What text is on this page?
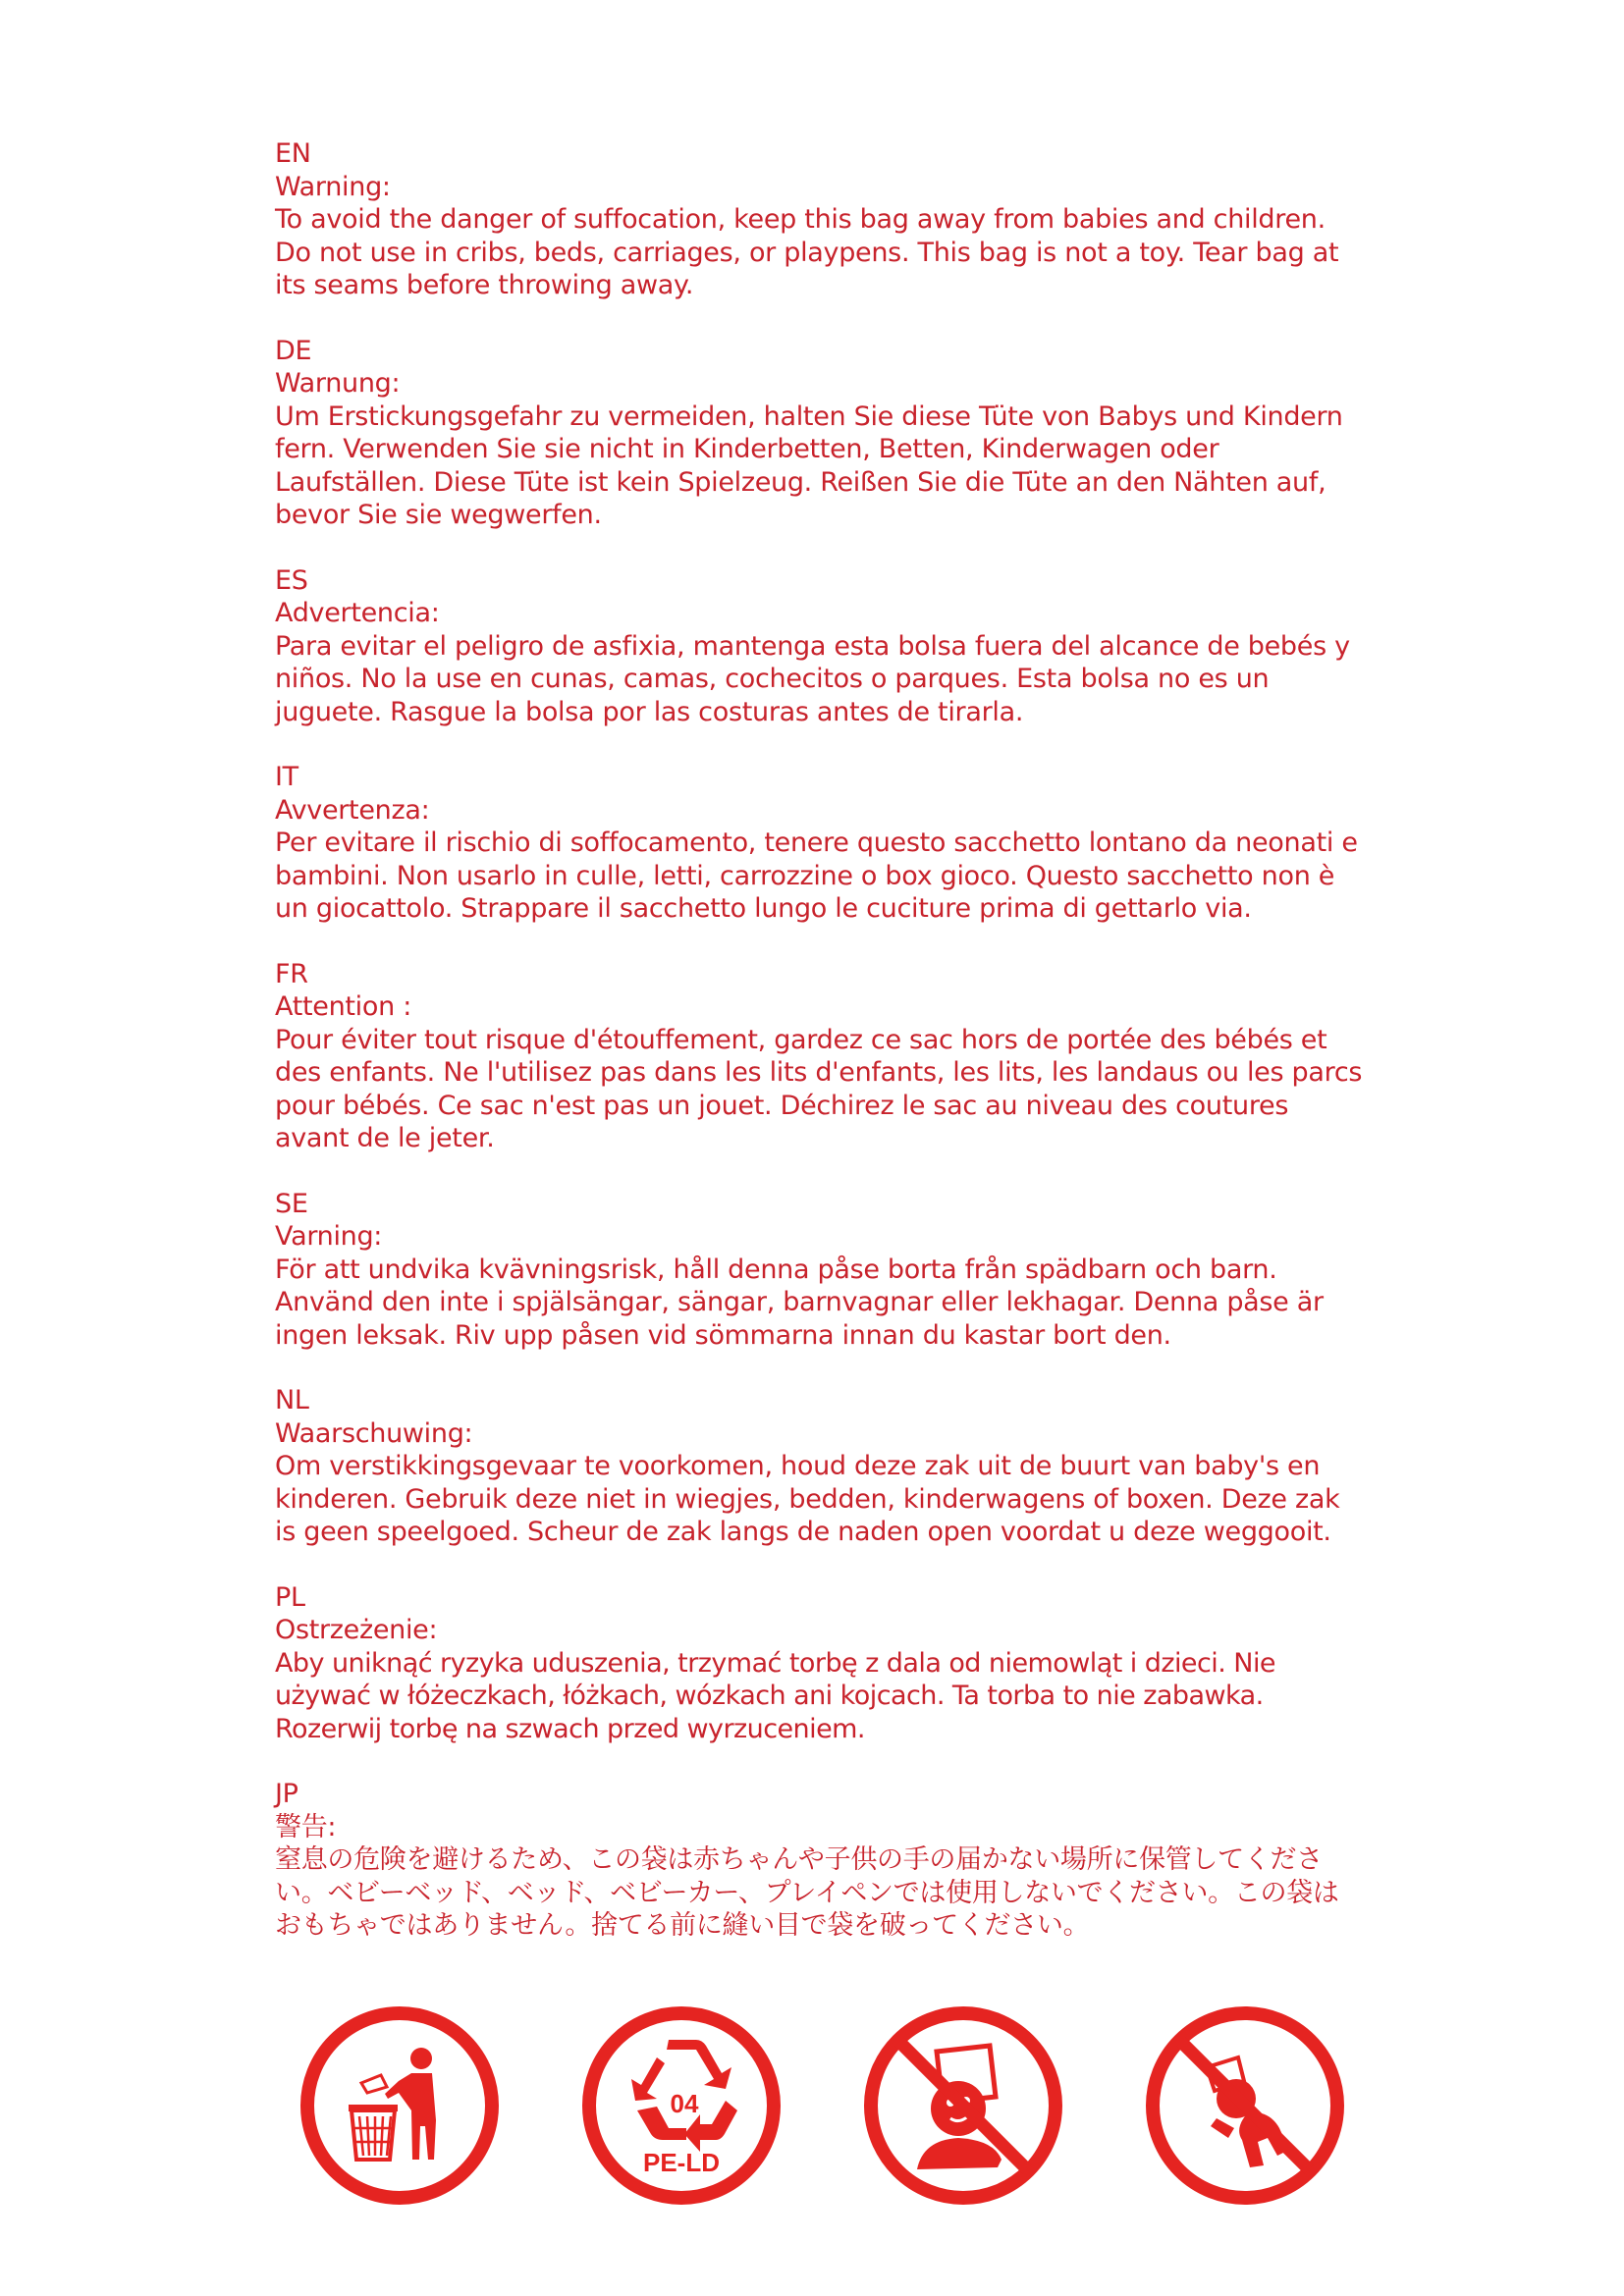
EN
Warning:
To avoid the danger of suffocation, keep this bag away from babies and children. Do not use in cribs, beds, carriages, or playpens. This bag is not a toy. Tear bag at its seams before throwing away.
DE
Warnung:
Um Erstickungsgefahr zu vermeiden, halten Sie diese Tüte von Babys und Kindern fern. Verwenden Sie sie nicht in Kinderbetten, Betten, Kinderwagen oder Laufställen. Diese Tüte ist kein Spielzeug. Reißen Sie die Tüte an den Nähten auf, bevor Sie sie wegwerfen.
ES
Advertencia:
Para evitar el peligro de asfixia, mantenga esta bolsa fuera del alcance de bebés y niños. No la use en cunas, camas, cochecitos o parques. Esta bolsa no es un juguete. Rasgue la bolsa por las costuras antes de tirarla.
IT
Avvertenza:
Per evitare il rischio di soffocamento, tenere questo sacchetto lontano da neonati e bambini. Non usarlo in culle, letti, carrozzine o box gioco. Questo sacchetto non è un giocattolo. Strappare il sacchetto lungo le cuciture prima di gettarlo via.
FR
Attention :
Pour éviter tout risque d'étouffement, gardez ce sac hors de portée des bébés et des enfants. Ne l'utilisez pas dans les lits d'enfants, les lits, les landaus ou les parcs pour bébés. Ce sac n'est pas un jouet. Déchirez le sac au niveau des coutures avant de le jeter.
SE
Varning:
För att undvika kvävningsrisk, håll denna påse borta från spädbarn och barn. Använd den inte i spjälsängar, sängar, barnvagnar eller lekhagar. Denna påse är ingen leksak. Riv upp påsen vid sömmarna innan du kastar bort den.
NL
Waarschuwing:
Om verstikkingsgevaar te voorkomen, houd deze zak uit de buurt van baby's en kinderen. Gebruik deze niet in wiegjes, bedden, kinderwagens of boxen. Deze zak is geen speelgoed. Scheur de zak langs de naden open voordat u deze weggooit.
PL
Ostrzeżenie:
Aby uniknąć ryzyka uduszenia, trzymać torbę z dala od niemowląt i dzieci. Nie używać w łóżeczkach, łóżkach, wózkach ani kojcach. Ta torba to nie zabawka. Rozerwij torbę na szwach przed wyrzuceniem.
JP
警告:
窒息の危険を避けるため、この袋は赤ちゃんや子供の手の届かない場所に保管してください。ベビーベッド、ベッド、ベビーカー、プレイペンでは使用しないでください。この袋はおもちゃではありません。捨てる前に縫い目で袋を破ってください。
04
PE-LD
